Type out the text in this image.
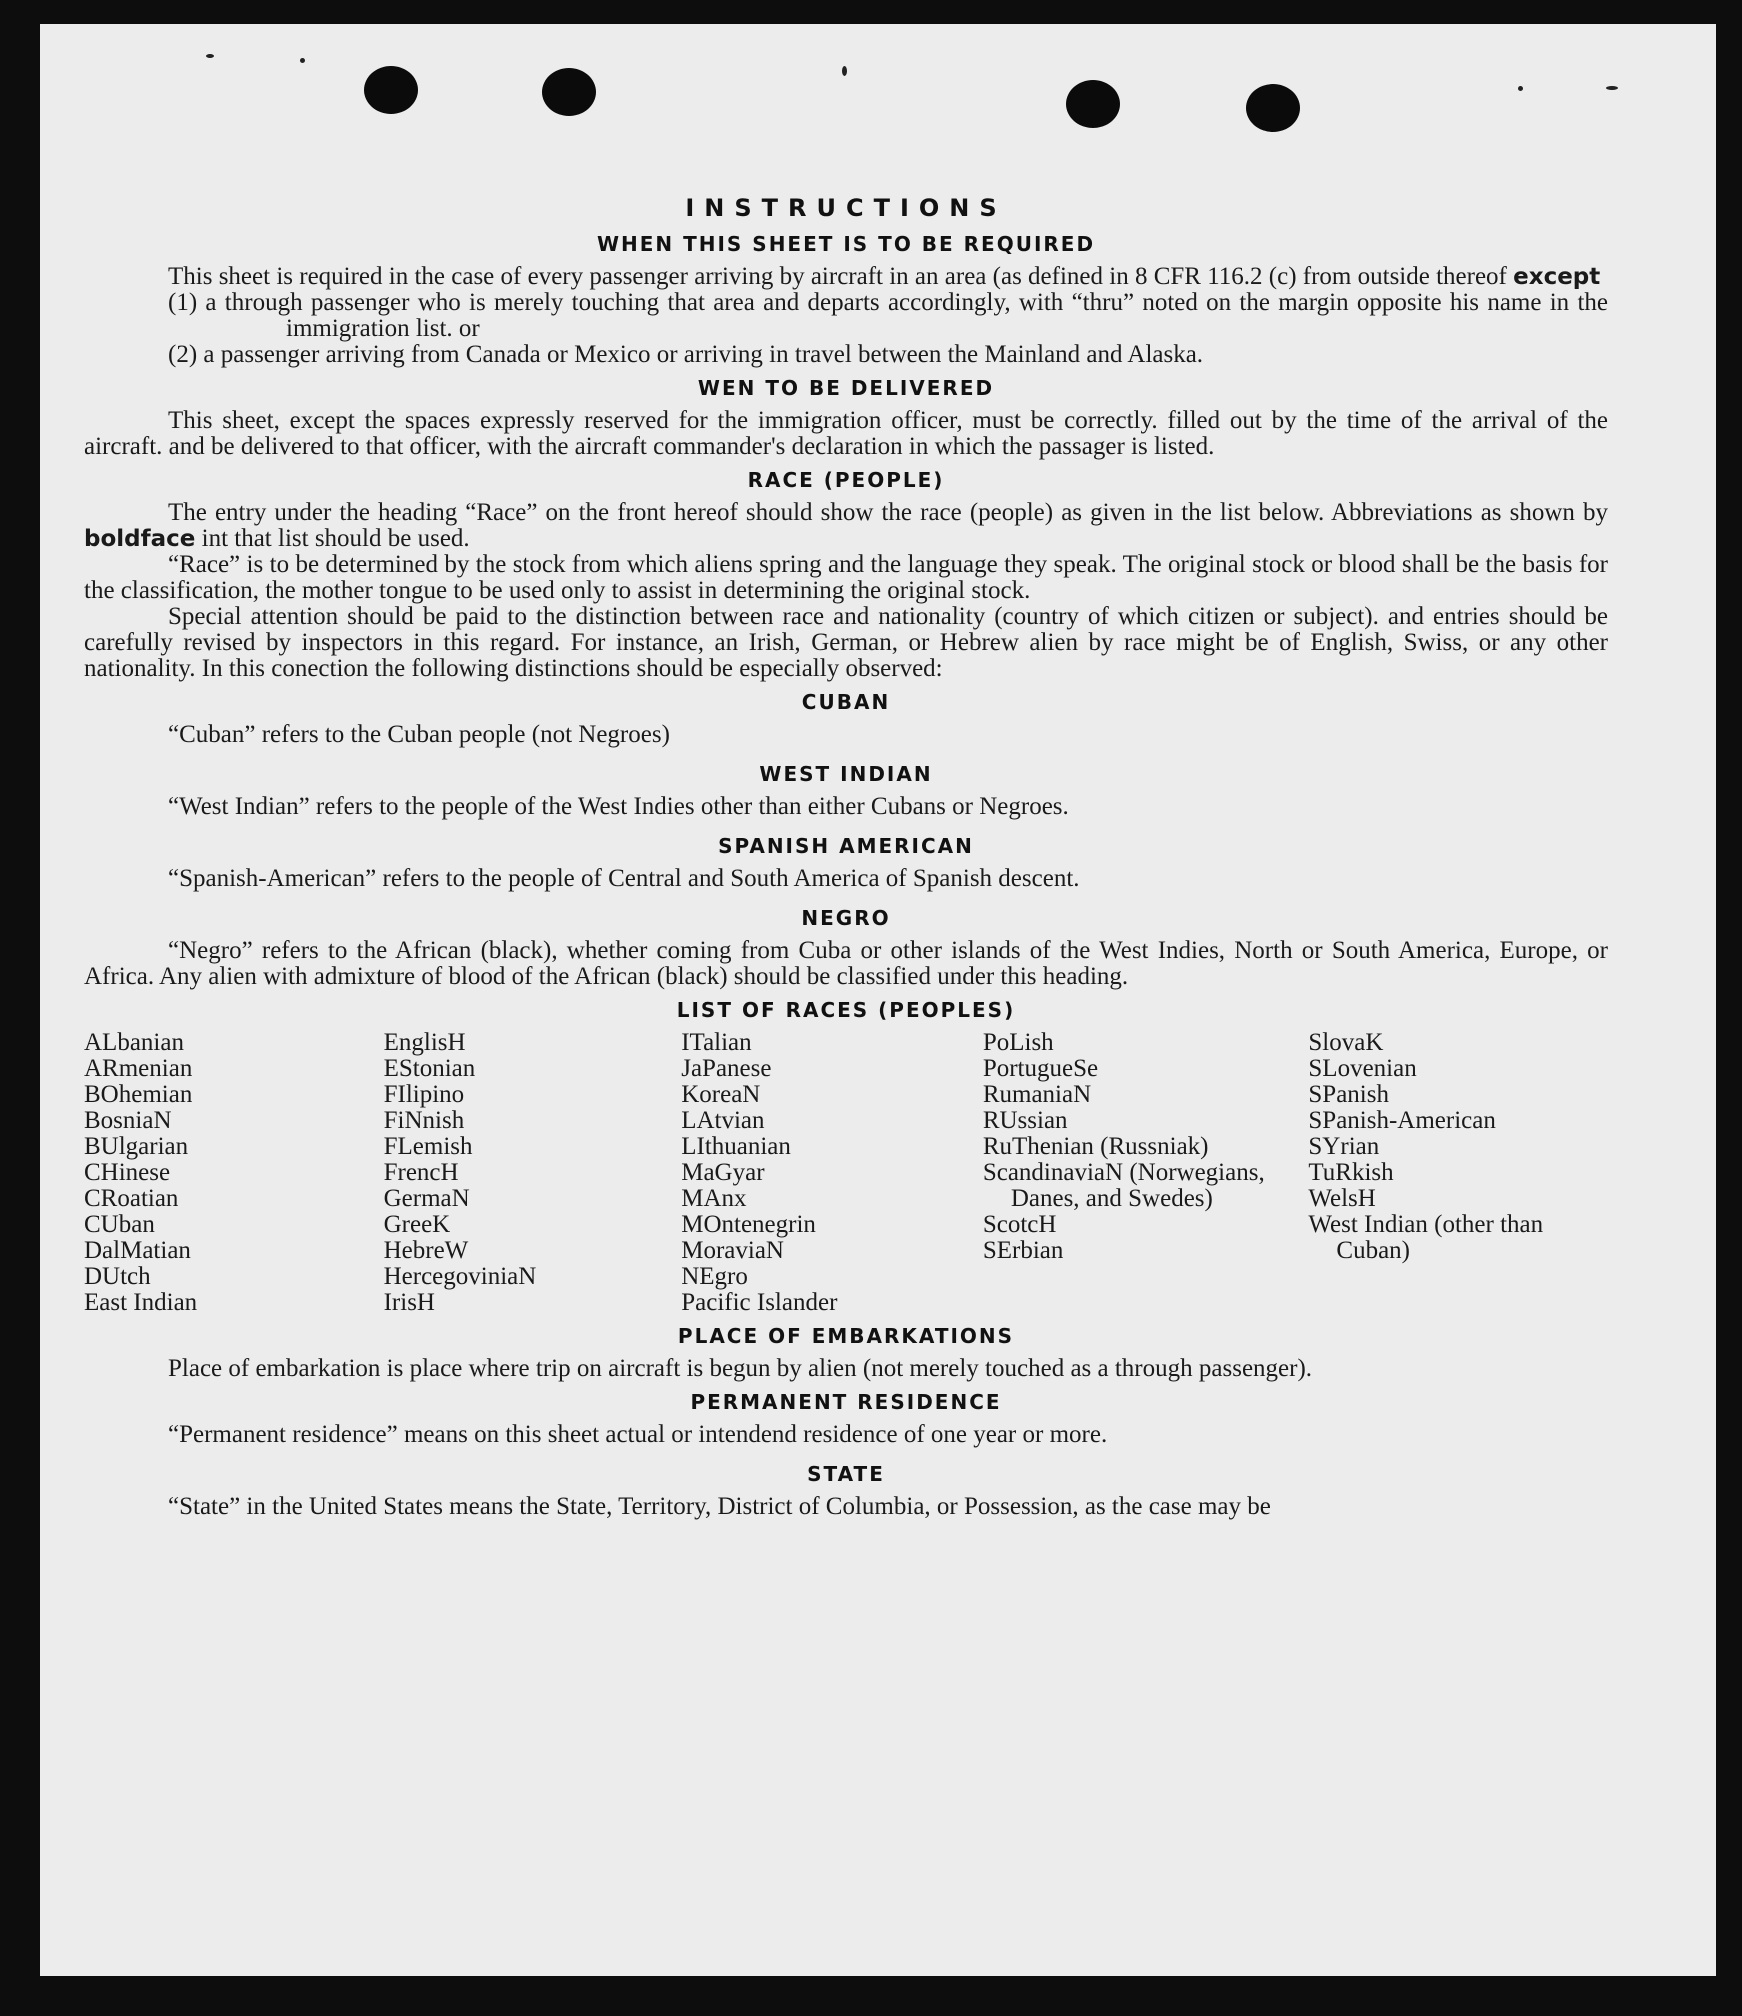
INSTRUCTIONS
WHEN THIS SHEET IS TO BE REQUIRED

This sheet is required in the case of every passenger arriving by aircraft in an area (as defined in 8 CFR 116.2 (c) from outside thereof except

(1) a through passenger who is merely touching that area and departs accordingly, with “thru” noted on the margin opposite his name in the immigration list. or

(2) a passenger arriving from Canada or Mexico or arriving in travel between the Mainland and Alaska.

WEN TO BE DELIVERED

This sheet, except the spaces expressly reserved for the immigration officer, must be correctly. filled out by the time of the arrival of the aircraft. and be delivered to that officer, with the aircraft commander's declaration in which the passager is listed.

RACE (PEOPLE)

The entry under the heading “Race” on the front hereof should show the race (people) as given in the list below. Abbreviations as shown by boldface int that list should be used.

“Race” is to be determined by the stock from which aliens spring and the language they speak. The original stock or blood shall be the basis for the classification, the mother tongue to be used only to assist in determining the original stock.

Special attention should be paid to the distinction between race and nationality (country of which citizen or subject). and entries should be carefully revised by inspectors in this regard. For instance, an Irish, German, or Hebrew alien by race might be of English, Swiss, or any other nationality. In this conection the following distinctions should be especially observed:

CUBAN

“Cuban” refers to the Cuban people (not Negroes)

WEST INDIAN

“West Indian” refers to the people of the West Indies other than either Cubans or Negroes.

SPANISH AMERICAN

“Spanish-American” refers to the people of Central and South America of Spanish descent.

NEGRO

“Negro” refers to the African (black), whether coming from Cuba or other islands of the West Indies, North or South America, Europe, or Africa. Any alien with admixture of blood of the African (black) should be classified under this heading.

LIST OF RACES (PEOPLES)
ALbanian
ARmenian
BOhemian
BosniaN
BUlgarian
CHinese
CRoatian
CUban
DalMatian
DUtch
East Indian
EnglisH
EStonian
FIlipino
FiNnish
FLemish
FrencH
GermaN
GreeK
HebreW
HercegoviniaN
IrisH
ITalian
JaPanese
KoreaN
LAtvian
LIthuanian
MaGyar
MAnx
MOntenegrin
MoraviaN
NEgro
Pacific Islander
PoLish
PortugueSe
RumaniaN
RUssian
RuThenian (Russniak)
ScandinaviaN (Norwegians, Danes, and Swedes)
ScotcH
SErbian
SlovaK
SLovenian
SPanish
SPanish-American
SYrian
TuRkish
WelsH
West Indian (other than Cuban)
PLACE OF EMBARKATIONS

Place of embarkation is place where trip on aircraft is begun by alien (not merely touched as a through passenger).

PERMANENT RESIDENCE

“Permanent residence” means on this sheet actual or intendend residence of one year or more.

STATE

“State” in the United States means the State, Territory, District of Columbia, or Possession, as the case may be
